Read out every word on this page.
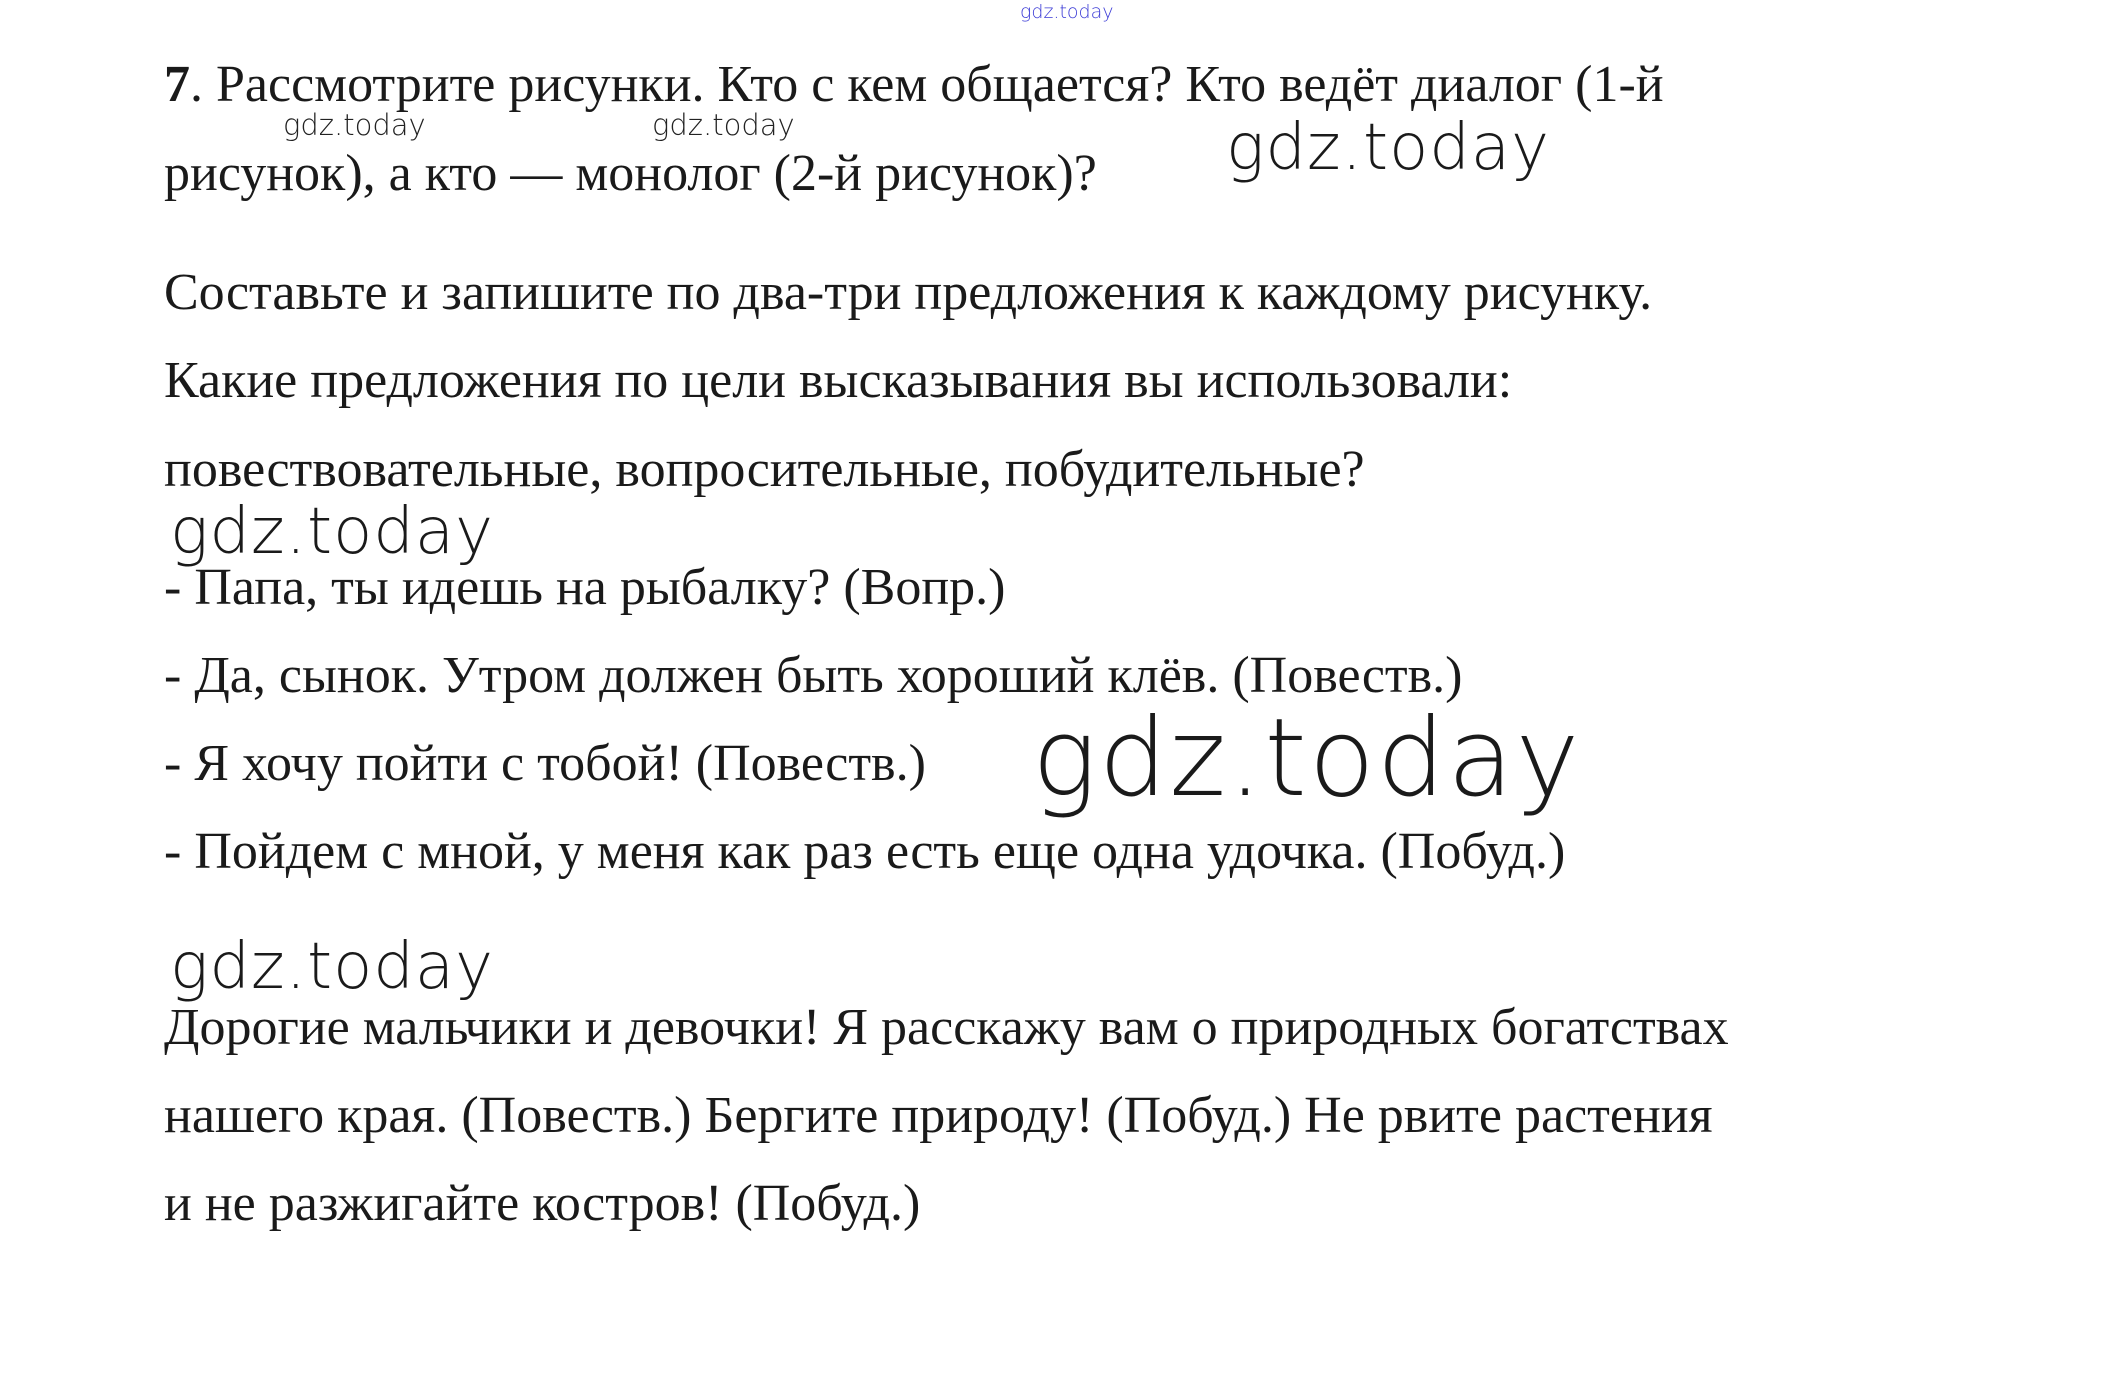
gdz.today
7. Рассмотрите рисунки. Кто с кем общается? Кто ведёт диалог (1-й
gdz.today	gdz.today
рисунок), а кто — монолог (2-й рисунок)? gdz.today
Составьте и запишите по два-три предложения к каждому рисунку.
Какие предложения по цели высказывания вы использовали:
повествовательные, вопросительные, побудительные?
gdz.today
- Папа, ты идешь на рыбалку? (Вопр.)
- Да, сынок. Утром должен быть хороший клёв. (Повеств.)
- Я хочу пойти с тобой! (Повеств.) gdz.today
- Пойдем с мной, у меня как раз есть еще одна удочка. (Побуд.)
gdz.today
Дорогие мальчики и девочки! Я расскажу вам о природных богатствах
нашего края. (Повеств.) Бергите природу! (Побуд.) Не рвите растения
и не разжигайте костров! (Побуд.)
